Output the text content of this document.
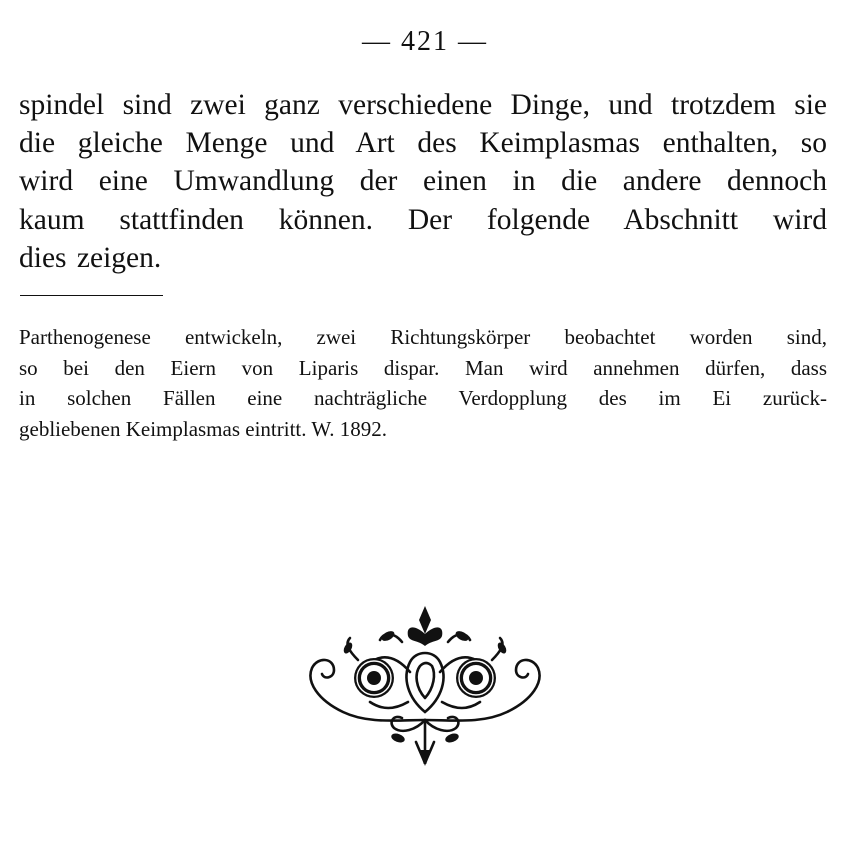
— 421 —
spindel sind zwei ganz verschiedene Dinge, und trotzdem sie
die gleiche Menge und Art des Keimplasmas enthalten, so
wird eine Umwandlung der einen in die andere dennoch
kaum stattfinden können. Der folgende Abschnitt wird
dies zeigen.
Parthenogenese entwickeln, zwei Richtungskörper beobachtet worden sind,
so bei den Eiern von Liparis dispar. Man wird annehmen dürfen, dass
in solchen Fällen eine nachträgliche Verdopplung des im Ei zurück-
gebliebenen Keimplasmas eintritt. W. 1892.
